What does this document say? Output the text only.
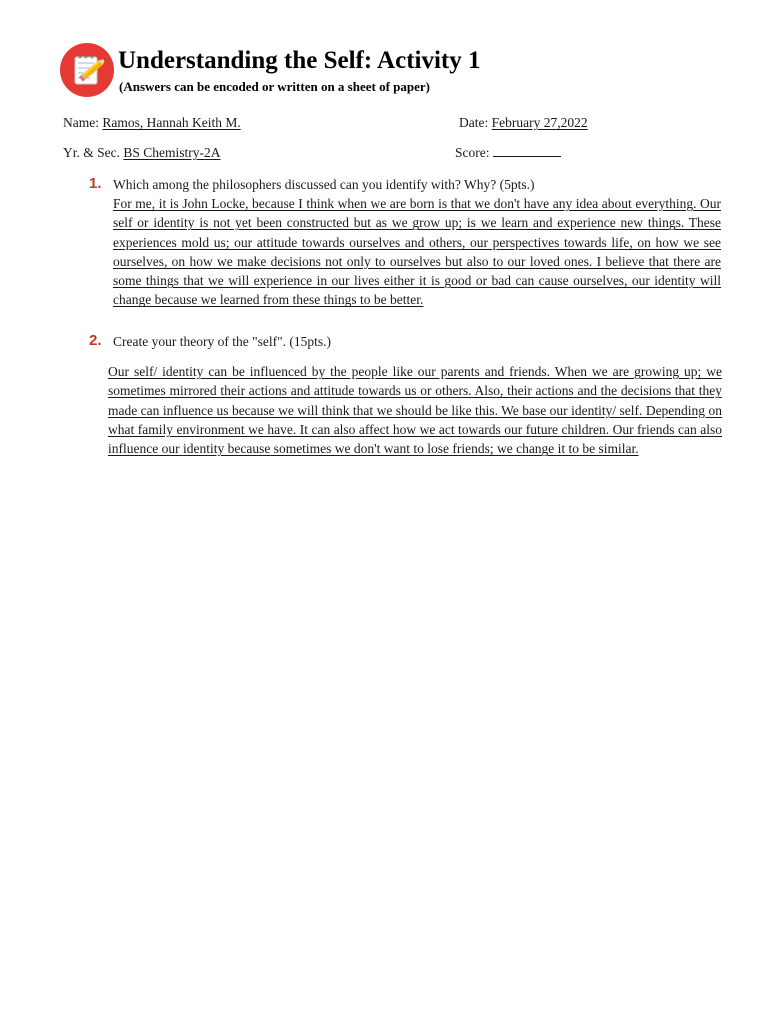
Understanding the Self: Activity 1
(Answers can be encoded or written on a sheet of paper)
Name: Ramos, Hannah Keith M.	Date: February 27,2022
Yr. & Sec. BS Chemistry-2A	Score:
1. Which among the philosophers discussed can you identify with? Why? (5pts.)
For me, it is John Locke, because I think when we are born is that we don't have any idea about everything. Our self or identity is not yet been constructed but as we grow up; is we learn and experience new things. These experiences mold us; our attitude towards ourselves and others, our perspectives towards life, on how we see ourselves, on how we make decisions not only to ourselves but also to our loved ones. I believe that there are some things that we will experience in our lives either it is good or bad can cause ourselves, our identity will change because we learned from these things to be better.
2. Create your theory of the "self". (15pts.)
Our self/ identity can be influenced by the people like our parents and friends. When we are growing up; we sometimes mirrored their actions and attitude towards us or others. Also, their actions and the decisions that they made can influence us because we will think that we should be like this. We base our identity/ self. Depending on what family environment we have. It can also affect how we act towards our future children. Our friends can also influence our identity because sometimes we don't want to lose friends; we change it to be similar.
